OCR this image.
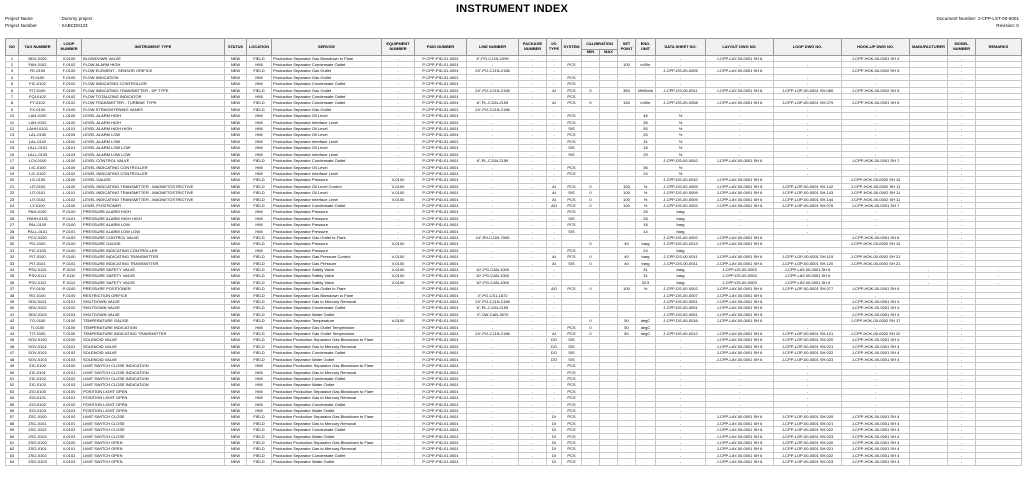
INSTRUMENT INDEX
Project Name	: Dummy project
Project Number	: XABCD0123
Document Number: J-CPP-LST-00-0001
Revision: 0
NO	TAG NUMBER	LOOP NUMBER	INSTRUMENT TYPE	STATUS	LOCATION	SERVICE	EQUIPMENT NUMBER	P&ID NUMBER	LINE NUMBER	PACKAGE NUMBER	I/O TYPE	SYSTEM	CALIBRATION		SET POINT	ENG. UNIT	DATA SHEET NO.	LAYOUT DWG NO.	LOOP DWG NO.	HOOK-UP DWG NO.	MANUFACTURER	MODEL NUMBER	REMARKS
													MIN	MAX									
1	BDV-0100	V-0100	BLOWDOWN VALVE	NEW	FIELD	Production Separator Gas Blowdown to Flare	-	P-CPP-PID-01-0001	4"-PG-CJ1N-1099	-	-						-	J-CPP-LAY-00-0001 SH 6		J-CPP-HOK-00-0001 SH 4		-	
2	FAH-0102	F-0102	FLOW ALARM HIGH	NEW	HMI	Production Separator Condensate Outlet	-	P-CPP-PID-01-0001	-	-	-	PCS			100	m3/hr	-	-	-	-		-	
3	FE-0100	F-0100	FLOW ELEMENT - SENSOR ORIFICE	NEW	FIELD	Production Separator Gas Outlet	-	P-CPP-PID-01-0001	24"-PG-CJ1N-2156	-	-						J-CPP-DS-00-0005	J-CPP-LAY-00-0001 SH 6		J-CPP-HOK-00-0002 SH 5		-	
4	FI-0100	F-0100	FLOW INDICATION	NEW	HMI	Production Separator Gas Outlet	-	P-CPP-PID-01-0001	-	-	-	PCS					-	-	-	-		-	
5	FIC-0102	F-0102	FLOW INDICATING CONTROLLER	NEW	HMI	Production Separator Condensate Outlet	-	P-CPP-PID-01-0001	-	-	-	PCS					-	-	-	-		-	
6	FIT-0100	F-0100	FLOW INDICATING TRANSMITTER - DP TYPE	NEW	FIELD	Production Separator Gas Outlet	-	P-CPP-PID-01-0001	24"-PG-CJ1N-2156	-	AI	PCS	0		350	MMScfd	J-CPP-DS-00-0011	J-CPP-LAY-00-0001 SH 6	J-CPP-LOP-00-0001 SH.060	J-CPP-HOK-00-0002 SH 5		-	
7	FQI-0102	F-0102	FLOW TOTALIZING INDICATOR	NEW	HMI	Production Separator Condensate Outlet	-	P-CPP-PID-01-0001	-	-	-	PCS					-	-	-	-		-	
8	FT-0102	F-0102	FLOW TRANSMITTER - TURBINE TYPE	NEW	FIELD	Production Separator Condensate Outlet	-	P-CPP-PID-01-0001	6"-PL-CJ1N-2159	-	AI	PCS	0		150	m3/hr	J-CPP-DS-00-0008	J-CPP-LAY-00-0001 SH 6	J-CPP-LOP-00-0001 SH.079	J-CPP-HOK-00-0001 SH 6		-	
9	FX-0100	F-0100	FLOW STRAIGHTENING VANES	NEW	FIELD	Production Separator Gas Outlet	-	P-CPP-PID-01-0001	24"-PG-CJ1N-2156	-	-						-	-	-	-		-	
10	LAH-0100	L-0100	LEVEL ALARM HIGH	NEW	HMI	Production Separator Oil Level	-	P-CPP-PID-01-0001	-	-	-	PCS				46	%	-	-	-		-	
11	LAH-0102	L-0102	LEVEL ALARM HIGH	NEW	HMI	Production Separator Interface Level	-	P-CPP-PID-01-0001	-	-	-	PCS				36	%	-	-	-		-	
12	LAHH-0101	L-0101	LEVEL ALARM HIGH HIGH	NEW	HMI	Production Separator Oil Level	-	P-CPP-PID-01-0001	-	-	-	SIS				55	%	-	-	-		-	
13	LAL-0100	L-0100	LEVEL ALARM LOW	NEW	HMI	Production Separator Oil Level	-	P-CPP-PID-01-0001	-	-	-	PCS				25	%	-	-	-		-	
14	LAL-0102	L-0102	LEVEL ALARM LOW	NEW	HMI	Production Separator Interface Level	-	P-CPP-PID-01-0001	-	-	-	PCS				31	%	-	-	-		-	
15	LALL-0101	L-0101	LEVEL ALARM LOW LOW	NEW	HMI	Production Separator Oil Level	-	P-CPP-PID-01-0001	-	-	-	SIS				16	%	-	-	-		-	
16	LALL-0103	L-0103	LEVEL ALARM LOW LOW	NEW	HMI	Production Separator Interface Level	-	P-CPP-PID-01-0001	-	-	-	SIS				29	%	-	-	-		-	
17	LCV-0100	L-0100	LEVEL CONTROL VALVE	NEW	FIELD	Production Separator Condensate Outlet	-	P-CPP-PID-01-0001	6"-PL-CJ1N-2159	-	-						J-CPP-DS-00-0002	J-CPP-LAY-00-0001 SH 6		J-CPP-HOK-00-0001 SH 7		-	
18	LIC-0100	L-0100	LEVEL INDICATING CONTROLLER	NEW	HMI	Production Separator Oil Level	-	P-CPP-PID-01-0001	-	-	-	PCS				36	%	-	-	-		-	
19	LIC-0102	L-0102	LEVEL INDICATING CONTROLLER	NEW	HMI	Production Separator Interface Level	-	P-CPP-PID-01-0001	-	-	-	PCS				24	%	-	-	-		-	
20	LG-0100	L-0100	LEVEL GAUGE	NEW	FIELD	Production Separator Pressure	V-0100	P-CPP-PID-01-0001	-	-	-						J-CPP-DS-00-0010	J-CPP-LAY-00-0001 SH 6		J-CPP-HOK-00-0002 SH 12		-	
21	LIT-0100	L-0100	LEVEL INDICATING TRANSMITTER - MAGNETOSTRICTIVE	NEW	FIELD	Production Separator Oil Level Control	V-0100	P-CPP-PID-01-0001	-	-	AI	PCS	0		100	%	J-CPP-DS-00-0009	J-CPP-LAY-00-0001 SH 6	J-CPP-LOP-00-0001 SH.142	J-CPP-HOK-00-0002 SH 11		-	
22	LIT-0101	L-0101	LEVEL INDICATING TRANSMITTER - MAGNETOSTRICTIVE	NEW	FIELD	Production Separator Oil Level	V-0100	P-CPP-PID-01-0001	-	-	AI	SIS	0		100	%	J-CPP-DS-00-0009	J-CPP-LAY-00-0001 SH 6	J-CPP-LOP-00-0001 SH.143	J-CPP-HOK-00-0002 SH 11		-	
23	LIT-0102	L-0102	LEVEL INDICATING TRANSMITTER - MAGNETOSTRICTIVE	NEW	FIELD	Production Separator Interface Level	V-0100	P-CPP-PID-01-0001	-	-	AI	PCS	0		100	%	J-CPP-DS-00-0009	J-CPP-LAY-00-0001 SH 6	J-CPP-LOP-00-0001 SH.144	J-CPP-HOK-00-0002 SH 11		-	
24	LY-0100	L-0100	LEVEL POSITIONER	NEW	FIELD	Production Separator Condensate Outlet	-	P-CPP-PID-01-0001	-	-	AO	PCS	0		100	%	J-CPP-DS-00-0002	J-CPP-LAY-00-0001 SH 6	J-CPP-LOP-00-0001 SH.076	J-CPP-HOK-00-0001 SH 7		-	
25	PAH-0100	P-0100	PRESSURE ALARM HIGH	NEW	HMI	Production Separator Pressure	-	P-CPP-PID-01-0001	-	-	-	PCS				26	barg	-	-	-		-	
26	PAHH-0101	P-0101	PRESSURE ALARM HIGH HIGH	NEW	HMI	Production Separator Pressure	-	P-CPP-PID-01-0001	-	-	-	SIS				28	barg	-	-	-		-	
27	PAL-0100	P-0100	PRESSURE ALARM LOW	NEW	HMI	Production Separator Pressure	-	P-CPP-PID-01-0001	-	-	-	PCS				18	barg	-	-	-		-	
28	PALL-0101	P-0101	PRESSURE ALARM LOW LOW	NEW	HMI	Production Separator Pressure	-	P-CPP-PID-01-0001	-	-	-	SIS				14	barg	-	-	-		-	
29	PCV-0100	P-0100	PRESSURE CONTROL VALVE	NEW	FIELD	Production Separator Gas Outlet to Flare	-	P-CPP-PID-01-0001	24"-RV-CJ1N-7065	-	-						J-CPP-DS-00-0002	J-CPP-LAY-00-0001 SH 6		J-CPP-HOK-00-0001 SH 6		-	
30	PG-0100	P-0100	PRESSURE GAUGE	NEW	FIELD	Production Separator Pressure	V-0100	P-CPP-PID-01-0001	-	-	-		0		40	barg	J-CPP-DS-00-0013	J-CPP-LAY-00-0001 SH 6		J-CPP-HOK-00-0002 SH 12		-	
31	PIC-0100	P-0100	PRESSURE INDICATING CONTROLLER	NEW	HMI	Production Separator Pressure	-	P-CPP-PID-01-0001	-	-	-	PCS				24	barg	-	-	-		-	
32	PIT-0100	P-0100	PRESSURE INDICATING TRANSMITTER	NEW	FIELD	Production Separator Gas Pressure Control	V-0100	P-CPP-PID-01-0001	-	-	AI	PCS	0		40	barg	J-CPP-DS-00-0011	J-CPP-LAY-00-0001 SH 6	J-CPP-LOP-00-0001 SH.119	J-CPP-HOK-00-0002 SH 21		-	
33	PIT-0101	P-0101	PRESSURE INDICATING TRANSMITTER	NEW	FIELD	Production Separator Gas Pressure	V-0100	P-CPP-PID-01-0001	-	-	AI	SIS	0		40	barg	J-CPP-DS-00-0011	J-CPP-LAY-00-0001 SH 6	J-CPP-LOP-00-0001 SH.120	J-CPP-HOK-00-0002 SH 21		-	
34	PSV-0110	P-0110	PRESSURE SAFETY VALVE	NEW	FIELD	Production Separator Safety Valve	V-0100	P-CPP-PID-01-0001	10"-PG-CAN-1000	-	-					31	barg	J-CPP-DS-00-0003	J-CPP-LAY-00-0001 SH 6		-		-
35	PSV-0111	P-0111	PRESSURE SAFETY VALVE	NEW	FIELD	Production Separator Safety Valve	V-0100	P-CPP-PID-01-0001	10"-PG-CAN-1000	-	-					31	barg	J-CPP-DS-00-0003	J-CPP-LAY-00-0001 SH 6		-		-
36	PSV-0112	P-0112	PRESSURE SAFETY VALVE	NEW	FIELD	Production Separator Safety Valve	V-0100	P-CPP-PID-01-0001	10"-PG-CAN-1000	-	-					32.5	barg	J-CPP-DS-00-0003	J-CPP-LAY-00-0001 SH 6		-		-
37	PY-0100	P-0100	PRESSURE POSITIONER	NEW	FIELD	Production Separator Gas Outlet to Flare	-	P-CPP-PID-01-0001	-	-	AO	PCS	0		100	%	J-CPP-DS-00-0002	J-CPP-LAY-00-0001 SH 6	J-CPP-LOP-00-0001 SH.077	J-CPP-HOK-00-0001 SH 6		-	
38	RO-0100	F-0100	RESTRICTION ORIFICE	NEW	FIELD	Production Separator Gas Blowdown to Flare	-	P-CPP-PID-01-0001	4"-PG-CS1-1872	-	-						J-CPP-DS-00-0007	J-CPP-LAY-00-0001 SH 6		-		-	
39	SDV-0101	V-0101	SHUTDOWN VALVE	NEW	FIELD	Production Separator Gas to Mercury Removal	-	P-CPP-PID-01-0001	24"-PG-CJ1N-2156	-	-						J-CPP-DS-00-0001	J-CPP-LAY-00-0001 SH 6		J-CPP-HOK-00-0001 SH 4		-	
40	SDV-0102	V-0102	SHUTDOWN VALVE	NEW	FIELD	Production Separator Condensate Outlet	-	P-CPP-PID-01-0001	6"-PL-CJ1N-2159	-	-						J-CPP-DS-00-0001	J-CPP-LAY-00-0001 SH 6		J-CPP-HOK-00-0001 SH 4		-	
41	SDV-0103	V-0103	SHUTDOWN VALVE	NEW	FIELD	Production Separator Water Outlet	-	P-CPP-PID-01-0001	4"-OW-CAN-3070	-	-						J-CPP-DS-00-0001	J-CPP-LAY-00-0001 SH 6		J-CPP-HOK-00-0001 SH 4		-	
42	TG-0100	T-0100	TEMPERATURE GAUGE	NEW	FIELD	Production Separator Temperature	V-0100	P-CPP-PID-01-0001	-	-	-		0		50	degC	J-CPP-DS-00-0016	J-CPP-LAY-00-0001 SH 6		J-CPP-HOK-00-0002 SH 17		-	
43	TI-0100	T-0100	TEMPERATURE INDICATION	NEW	HMI	Production Separator Gas Outlet Temperature	-	P-CPP-PID-01-0001	-	-	-	PCS	0		50	degC	-	-	-	-		-	
44	TIT-0100	T-0100	TEMPERATURE INDICATING TRANSMITTER	NEW	FIELD	Production Separator Gas Outlet Temperature	-	P-CPP-PID-01-0001	24"-PG-CJ1N-2156	-	AI	PCS	0		50	degC	J-CPP-DS-00-0012	J-CPP-LAY-00-0001 SH 6	J-CPP-LOP-00-0001 SH.121	J-CPP-HOK-00-0002 SH 22		-	
45	SOV-0100	V-0100	SOLENOID VALVE	NEW	FIELD	Production Production Separator Gas Blowdown to Flare	-	P-CPP-PID-01-0001	-	-	DO	SIS					-	J-CPP-LAY-00-0001 SH 6	J-CPP-LOP-00-0001 SH.020	J-CPP-HOK-00-0001 SH 4		-	
46	SOV-0101	V-0101	SOLENOID VALVE	NEW	FIELD	Production Separator Gas to Mercury Removal	-	P-CPP-PID-01-0001	-	-	DO	SIS					-	J-CPP-LAY-00-0001 SH 6	J-CPP-LOP-00-0001 SH.021	J-CPP-HOK-00-0001 SH 4		-	
47	SOV-0102	V-0102	SOLENOID VALVE	NEW	FIELD	Production Separator Condensate Outlet	-	P-CPP-PID-01-0001	-	-	DO	SIS					-	J-CPP-LAY-00-0001 SH 6	J-CPP-LOP-00-0001 SH.022	J-CPP-HOK-00-0001 SH 4		-	
48	SOV-0103	V-0103	SOLENOID VALVE	NEW	FIELD	Production Separator Water Outlet	-	P-CPP-PID-01-0001	-	-	DO	SIS					-	J-CPP-LAY-00-0001 SH 6	J-CPP-LOP-00-0001 SH.023	J-CPP-HOK-00-0001 SH 4		-	
49	ZIC-0100	V-0100	LIMIT SWITCH CLOSE INDICATION	NEW	HMI	Production Production Separator Gas Blowdown to Flare	-	P-CPP-PID-01-0001	-	-	-	PCS					-	-	-	-		-	
50	ZIC-0101	V-0101	LIMIT SWITCH CLOSE INDICATION	NEW	HMI	Production Separator Gas to Mercury Removal	-	P-CPP-PID-01-0001	-	-	-	PCS					-	-	-	-		-	
51	ZIC-0102	V-0102	LIMIT SWITCH CLOSE INDICATION	NEW	HMI	Production Separator Condensate Outlet	-	P-CPP-PID-01-0001	-	-	-	PCS					-	-	-	-		-	
52	ZIC-0103	V-0103	LIMIT SWITCH CLOSE INDICATION	NEW	HMI	Production Separator Water Outlet	-	P-CPP-PID-01-0001	-	-	-	PCS					-	-	-	-		-	
53	ZIO-0100	V-0100	POSITION LIGHT OPEN	NEW	HMI	Production Production Separator Gas Blowdown to Flare	-	P-CPP-PID-01-0001	-	-	-	PCS					-	-	-	-		-	
54	ZIO-0101	V-0101	POSITION LIGHT OPEN	NEW	HMI	Production Separator Gas to Mercury Removal	-	P-CPP-PID-01-0001	-	-	-	PCS					-	-	-	-		-	
55	ZIO-0102	V-0102	POSITION LIGHT OPEN	NEW	HMI	Production Separator Condensate Outlet	-	P-CPP-PID-01-0001	-	-	-	PCS					-	-	-	-		-	
56	ZIO-0103	V-0103	POSITION LIGHT OPEN	NEW	HMI	Production Separator Water Outlet	-	P-CPP-PID-01-0001	-	-	-	PCS					-	-	-	-		-	
57	ZSC-0100	V-0100	LIMIT SWITCH CLOSE	NEW	FIELD	Production Production Separator Gas Blowdown to Flare	-	P-CPP-PID-01-0001	-	-	DI	PCS					-	J-CPP-LAY-00-0001 SH 6	J-CPP-LOP-00-0001 SH.020	J-CPP-HOK-00-0001 SH 4		-	
58	ZSC-0101	V-0101	LIMIT SWITCH CLOSE	NEW	FIELD	Production Separator Gas to Mercury Removal	-	P-CPP-PID-01-0001	-	-	DI	PCS					-	J-CPP-LAY-00-0001 SH 6	J-CPP-LOP-00-0001 SH.021	J-CPP-HOK-00-0001 SH 4		-	
59	ZSC-0102	V-0102	LIMIT SWITCH CLOSE	NEW	FIELD	Production Separator Condensate Outlet	-	P-CPP-PID-01-0001	-	-	DI	PCS					-	J-CPP-LAY-00-0001 SH 6	J-CPP-LOP-00-0001 SH.022	J-CPP-HOK-00-0001 SH 4		-	
60	ZSC-0103	V-0103	LIMIT SWITCH CLOSE	NEW	FIELD	Production Separator Water Outlet	-	P-CPP-PID-01-0001	-	-	DI	PCS					-	J-CPP-LAY-00-0001 SH 6	J-CPP-LOP-00-0001 SH.023	J-CPP-HOK-00-0001 SH 4		-	
61	ZSO-0100	V-0100	LIMIT SWITCH OPEN	NEW	FIELD	Production Production Separator Gas Blowdown to Flare	-	P-CPP-PID-01-0001	-	-	DI	PCS					-	J-CPP-LAY-00-0001 SH 6	J-CPP-LOP-00-0001 SH.020	J-CPP-HOK-00-0001 SH 4		-	
62	ZSO-0101	V-0101	LIMIT SWITCH OPEN	NEW	FIELD	Production Separator Gas to Mercury Removal	-	P-CPP-PID-01-0001	-	-	DI	PCS					-	J-CPP-LAY-00-0001 SH 6	J-CPP-LOP-00-0001 SH.021	J-CPP-HOK-00-0001 SH 4		-	
63	ZSO-0102	V-0102	LIMIT SWITCH OPEN	NEW	FIELD	Production Separator Condensate Outlet	-	P-CPP-PID-01-0001	-	-	DI	PCS					-	J-CPP-LAY-00-0001 SH 6	J-CPP-LOP-00-0001 SH.022	J-CPP-HOK-00-0001 SH 4		-	
64	ZSO-0103	V-0103	LIMIT SWITCH OPEN	NEW	FIELD	Production Separator Water Outlet	-	P-CPP-PID-01-0001	-	-	DI	PCS					-	J-CPP-LAY-00-0001 SH 6	J-CPP-LOP-00-0001 SH.023	J-CPP-HOK-00-0001 SH 4		-	
